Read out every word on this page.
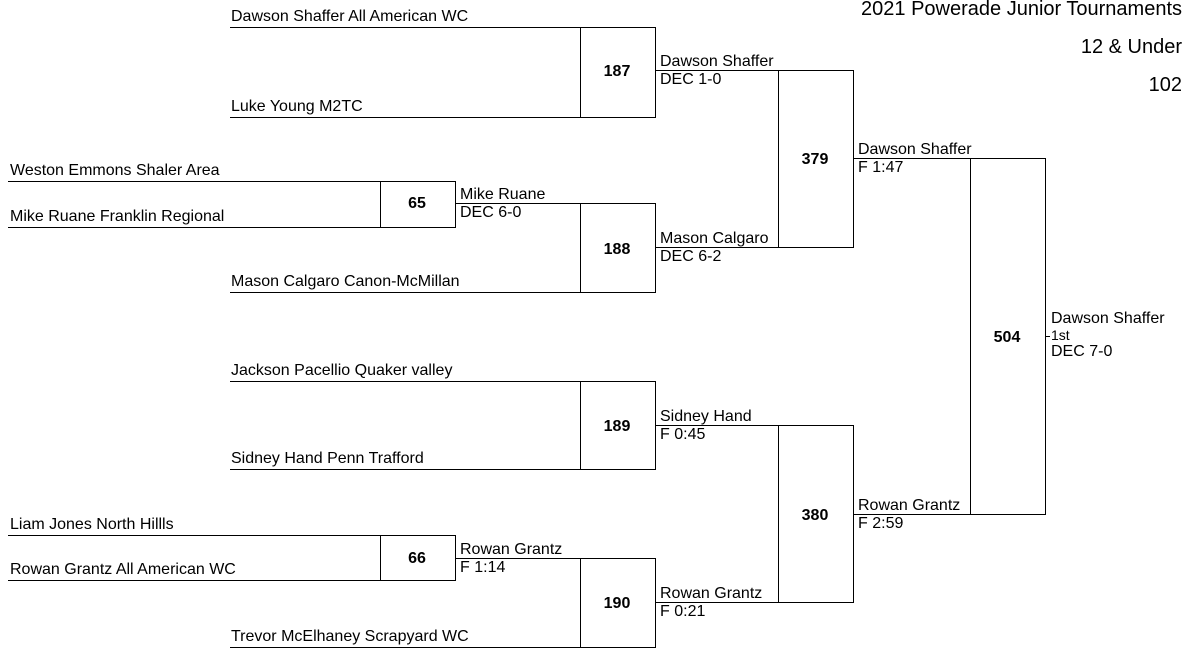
2021 Powerade Junior Tournaments
12 & Under
102
Dawson Shaffer All American WC
Luke Young M2TC
Weston Emmons Shaler Area
Mike Ruane Franklin Regional
Mason Calgaro Canon-McMillan
Jackson Pacellio Quaker valley
Sidney Hand Penn Trafford
Liam Jones North Hillls
Rowan Grantz All American WC
Trevor McElhaney Scrapyard WC
187
65
188
379
189
66
190
380
504
Dawson Shaffer
DEC 1-0
Mike Ruane
DEC 6-0
Mason Calgaro
DEC 6-2
Dawson Shaffer
F 1:47
Sidney Hand
F 0:45
Rowan Grantz
F 1:14
Rowan Grantz
F 0:21
Rowan Grantz
F 2:59
Dawson Shaffer
1st
DEC 7-0
